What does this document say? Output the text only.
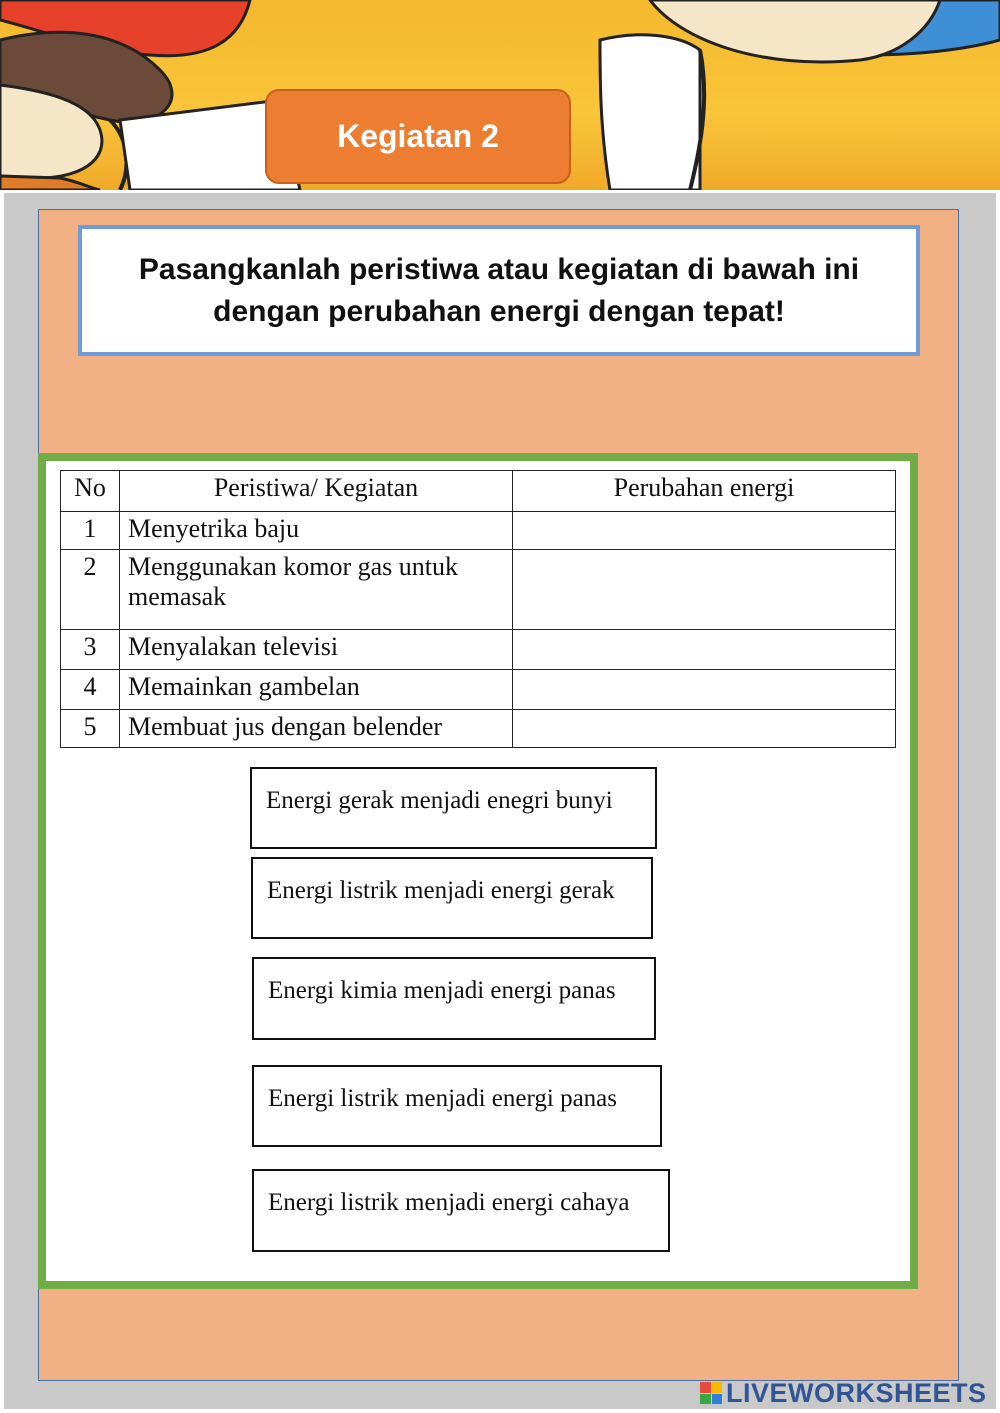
Kegiatan 2
Pasangkanlah peristiwa atau kegiatan di bawah ini dengan perubahan energi dengan tepat!
No	Peristiwa/ Kegiatan	Perubahan energi
1	Menyetrika baju	
2	Menggunakan komor gas untuk memasak	
3	Menyalakan televisi	
4	Memainkan gambelan	
5	Membuat jus dengan belender	
Energi gerak menjadi enegri bunyi
Energi listrik menjadi energi gerak
Energi kimia menjadi energi panas
Energi listrik menjadi energi panas
Energi listrik menjadi energi cahaya
LIVEWORKSHEETS
